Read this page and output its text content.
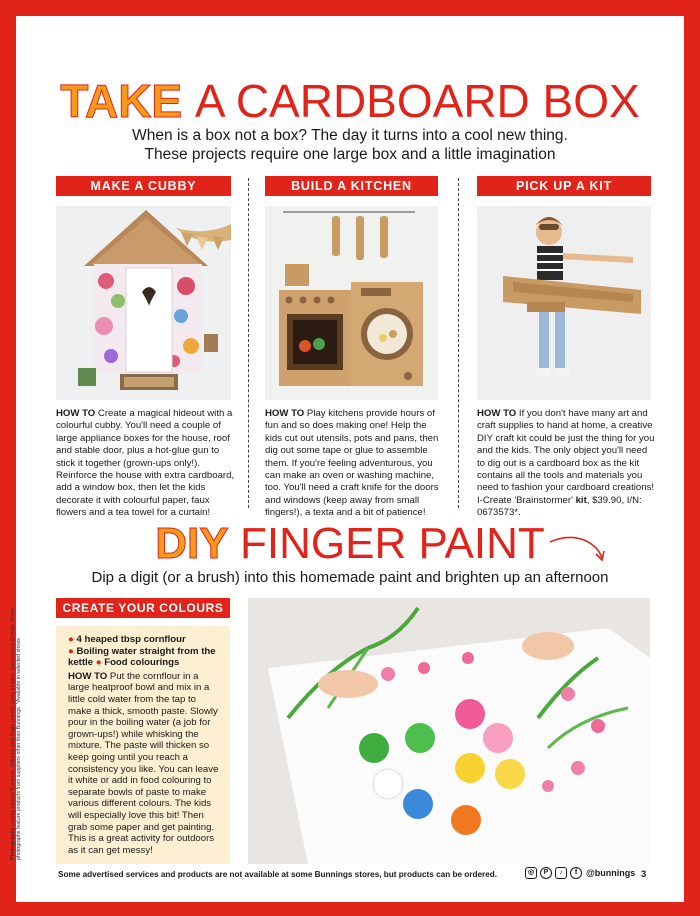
TAKE A CARDBOARD BOX
When is a box not a box? The day it turns into a cool new thing.
These projects require one large box and a little imagination
MAKE A CUBBY	BUILD A KITCHEN	PICK UP A KIT

HOW TO Create a magical hideout with a colourful cubby. You'll need a couple of large appliance boxes for the house, roof and stable door, plus a hot-glue gun to stick it together (grown-ups only!). Reinforce the house with extra cardboard, add a window box, then let the kids decorate it with colourful paper, faux flowers and a tea towel for a curtain!

HOW TO Play kitchens provide hours of fun and so does making one! Help the kids cut out utensils, pots and pans, then dig out some tape or glue to assemble them. If you're feeling adventurous, you can make an oven or washing machine, too. You'll need a craft knife for the doors and windows (keep away from small fingers!), a texta and a bit of patience!

HOW TO If you don't have many art and craft supplies to hand at home, a creative DIY craft kit could be just the thing for you and the kids. The only object you'll need to dig out is a cardboard box as the kit contains all the tools and materials you need to fashion your cardboard creations! I-Create 'Brainstormer' kit, $39.90, I/N: 0673573*.

DIY FINGER PAINT
Dip a digit (or a brush) into this homemade paint and brighten up an afternoon
CREATE YOUR COLOURS
● 4 heaped tbsp cornflour
● Boiling water straight from the kettle ● Food colourings

HOW TO Put the cornflour in a large heatproof bowl and mix in a little cold water from the tap to make a thick, smooth paste. Slowly pour in the boiling water (a job for grown-ups!) while whisking the mixture. The paste will thicken so keep going until you reach a consistency you like. You can leave it white or add in food colouring to separate bowls of paste to make various different colours. The kids will especially love this bit! Then grab some paper and get painting. This is a great activity for outdoors as it can get messy!

Photography (cubby house) Bunnaux, (kitchen and finger paints) Getty Images, (aeroplane) iCreate. Some photographs feature products from suppliers other than Bunnings. *Available in selected stores
Some advertised services and products are not available at some Bunnings stores, but products can be ordered.	◎	P	♪	f @bunnings 3
